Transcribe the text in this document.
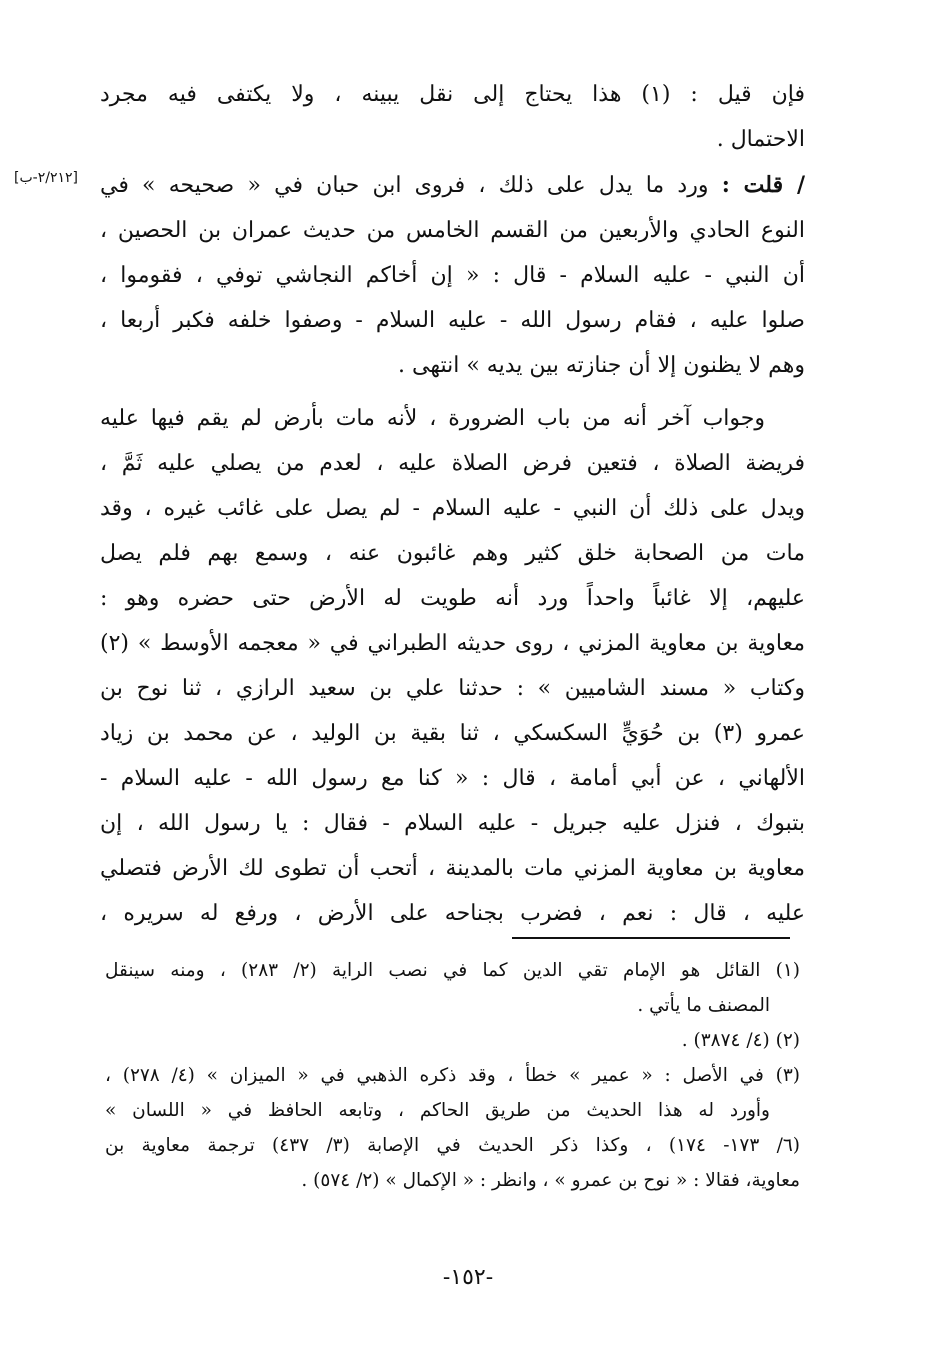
[٢/٢١٢-ب]
فإن قيل : (١) هذا يحتاج إلى نقل يبينه ، ولا يكتفى فيه مجرد
الاحتمال .
/ قلت : ورد ما يدل على ذلك ، فروى ابن حبان في « صحيحه » في
النوع الحادي والأربعين من القسم الخامس من حديث عمران بن الحصين ،
أن النبي - عليه السلام - قال : « إن أخاكم النجاشي توفي ، فقوموا ،
صلوا عليه ، فقام رسول الله - عليه السلام - وصفوا خلفه فكبر أربعا ،
وهم لا يظنون إلا أن جنازته بين يديه » انتهى .
وجواب آخر أنه من باب الضرورة ، لأنه مات بأرض لم يقم فيها عليه
فريضة الصلاة ، فتعين فرض الصلاة عليه ، لعدم من يصلي عليه ثَمَّ ،
ويدل على ذلك أن النبي - عليه السلام - لم يصل على غائب غيره ، وقد
مات من الصحابة خلق كثير وهم غائبون عنه ، وسمع بهم فلم يصل
عليهم، إلا غائباً واحداً ورد أنه طويت له الأرض حتى حضره وهو :
معاوية بن معاوية المزني ، روى حديثه الطبراني في « معجمه الأوسط » (٢)
وكتاب « مسند الشاميين » : حدثنا علي بن سعيد الرازي ، ثنا نوح بن
عمرو (٣) بن حُوَيٍّ السكسكي ، ثنا بقية بن الوليد ، عن محمد بن زياد
الألهاني ، عن أبي أمامة ، قال : « كنا مع رسول الله - عليه السلام -
بتبوك ، فنزل عليه جبريل - عليه السلام - فقال : يا رسول الله ، إن
معاوية بن معاوية المزني مات بالمدينة ، أتحب أن تطوى لك الأرض فتصلي
عليه ، قال : نعم ، فضرب بجناحه على الأرض ، ورفع له سريره ،
(١) القائل هو الإمام تقي الدين كما في نصب الراية (٢/ ٢٨٣) ، ومنه سينقل
المصنف ما يأتي .
(٢) (٤/ ٣٨٧٤) .
(٣) في الأصل : « عمير » خطأ ، وقد ذكره الذهبي في « الميزان » (٤/ ٢٧٨) ،
وأورد له هذا الحديث من طريق الحاكم ، وتابعه الحافظ في « اللسان »
(٦/ ١٧٣- ١٧٤) ، وكذا ذكر الحديث في الإصابة (٣/ ٤٣٧) ترجمة معاوية بن
معاوية، فقالا : « نوح بن عمرو » ، وانظر : « الإكمال » (٢/ ٥٧٤) .
-١٥٢-
